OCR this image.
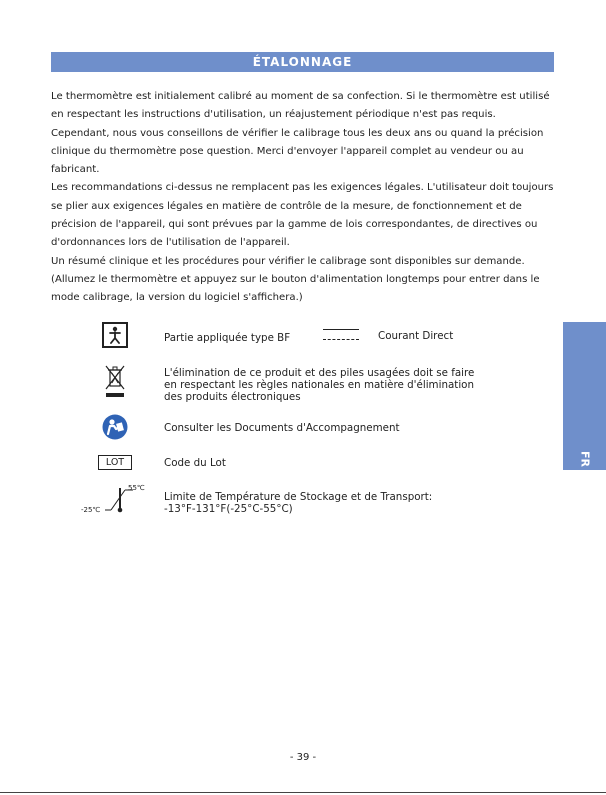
ÉTALONNAGE

Le thermomètre est initialement calibré au moment de sa confection. Si le thermomètre est utilisé en respectant les instructions d'utilisation, un réajustement périodique n'est pas requis. Cependant, nous vous conseillons de vérifier le calibrage tous les deux ans ou quand la précision clinique du thermomètre pose question. Merci d'envoyer l'appareil complet au vendeur ou au fabricant.

Les recommandations ci-dessus ne remplacent pas les exigences légales. L'utilisateur doit toujours se plier aux exigences légales en matière de contrôle de la mesure, de fonctionnement et de précision de l'appareil, qui sont prévues par la gamme de lois correspondantes, de directives ou d'ordonnances lors de l'utilisation de l'appareil.

Un résumé clinique et les procédures pour vérifier le calibrage sont disponibles sur demande. (Allumez le thermomètre et appuyez sur le bouton d'alimentation longtemps pour entrer dans le mode calibrage, la version du logiciel s'affichera.)

Partie appliquée type BF	Courant Direct
L'élimination de ce produit et des piles usagées doit se faire
en respectant les règles nationales en matière d'élimination
des produits électroniques
Consulter les Documents d'Accompagnement
LOT	Code du Lot
55℃
-25℃
Limite de Température de Stockage et de Transport:
-13°F-131°F(-25°C-55°C)
FR
- 39 -
